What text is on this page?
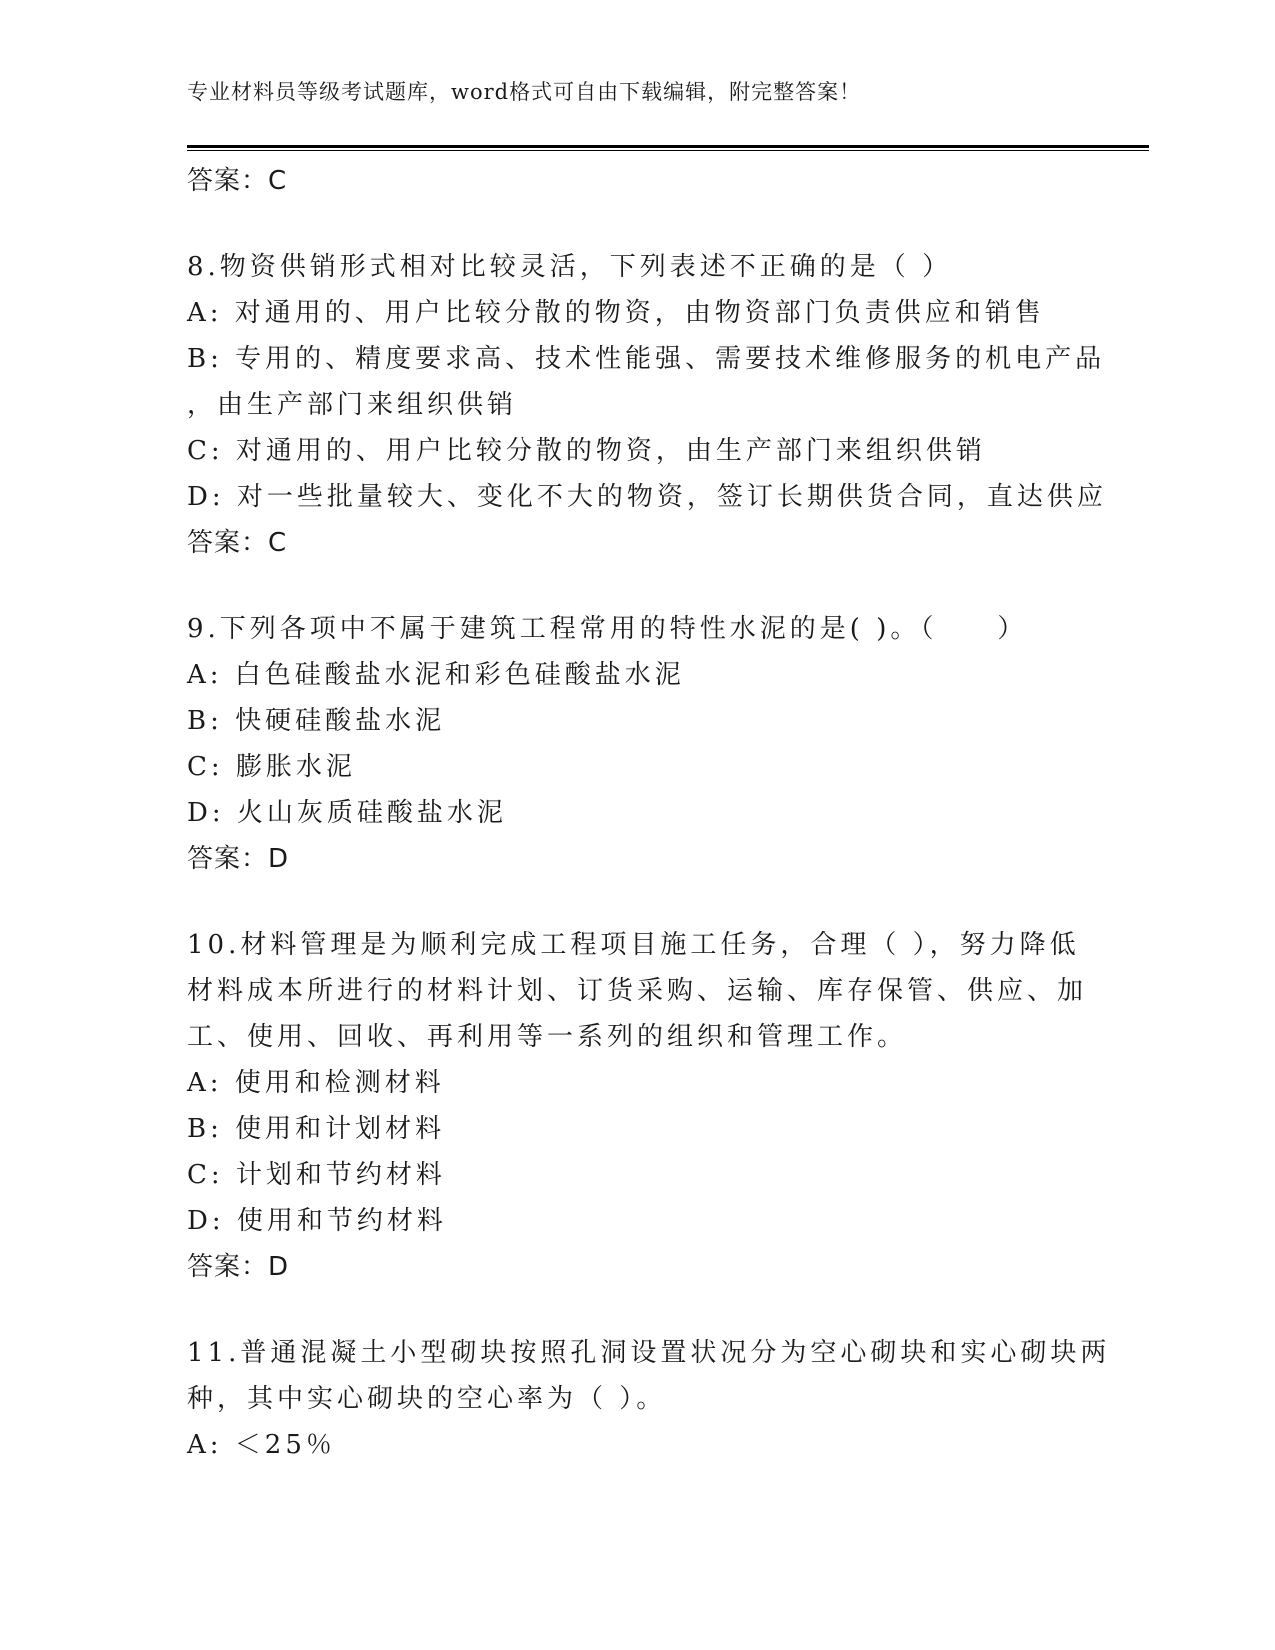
专业材料员等级考试题库，word格式可自由下载编辑，附完整答案！
答案：C
8.物资供销形式相对比较灵活，下列表述不正确的是（ ）
A: 对通用的、用户比较分散的物资，由物资部门负责供应和销售
B: 专用的、精度要求高、技术性能强、需要技术维修服务的机电产品
，由生产部门来组织供销
C: 对通用的、用户比较分散的物资，由生产部门来组织供销
D: 对一些批量较大、变化不大的物资，签订长期供货合同，直达供应
答案：C
9.下列各项中不属于建筑工程常用的特性水泥的是( )。（　　）
A: 白色硅酸盐水泥和彩色硅酸盐水泥
B: 快硬硅酸盐水泥
C: 膨胀水泥
D: 火山灰质硅酸盐水泥
答案：D
10.材料管理是为顺利完成工程项目施工任务，合理（ ），努力降低
材料成本所进行的材料计划、订货采购、运输、库存保管、供应、加
工、使用、回收、再利用等一系列的组织和管理工作。
A: 使用和检测材料
B: 使用和计划材料
C: 计划和节约材料
D: 使用和节约材料
答案：D
11.普通混凝土小型砌块按照孔洞设置状况分为空心砌块和实心砌块两
种，其中实心砌块的空心率为（ ）。
A: ＜25％
